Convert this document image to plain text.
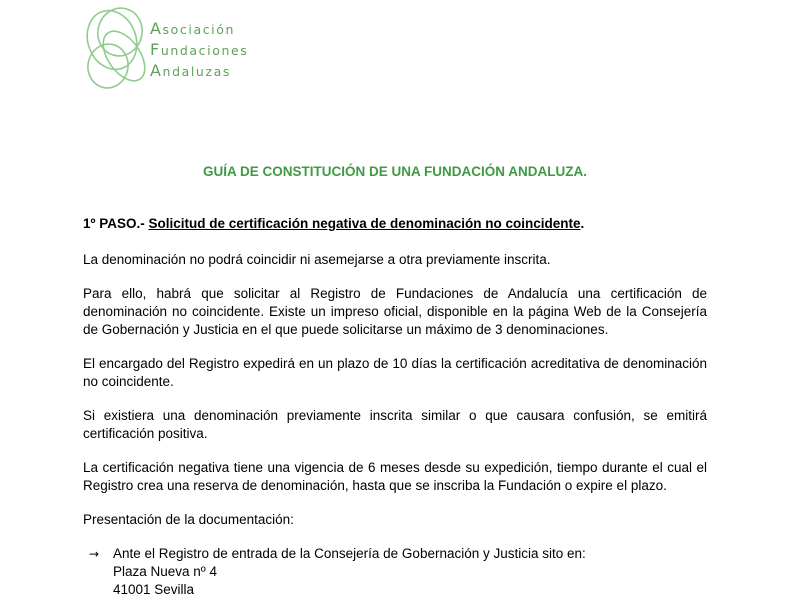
Asociación
Fundaciones
Andaluzas
GUÍA DE CONSTITUCIÓN DE UNA FUNDACIÓN ANDALUZA.
1º PASO.- Solicitud de certificación negativa de denominación no coincidente.

La denominación no podrá coincidir ni asemejarse a otra previamente inscrita.

Para ello, habrá que solicitar al Registro de Fundaciones de Andalucía una certificación de denominación no coincidente. Existe un impreso oficial, disponible en la página Web de la Consejería de Gobernación y Justicia en el que puede solicitarse un máximo de 3 denominaciones.

El encargado del Registro expedirá en un plazo de 10 días la certificación acreditativa de denominación no coincidente.

Si existiera una denominación previamente inscrita similar o que causara confusión, se emitirá certificación positiva.

La certificación negativa tiene una vigencia de 6 meses desde su expedición, tiempo durante el cual el Registro crea una reserva de denominación, hasta que se inscriba la Fundación o expire el plazo.

Presentación de la documentación:

→ Ante el Registro de entrada de la Consejería de Gobernación y Justicia sito en:
Plaza Nueva nº 4
41001 Sevilla
